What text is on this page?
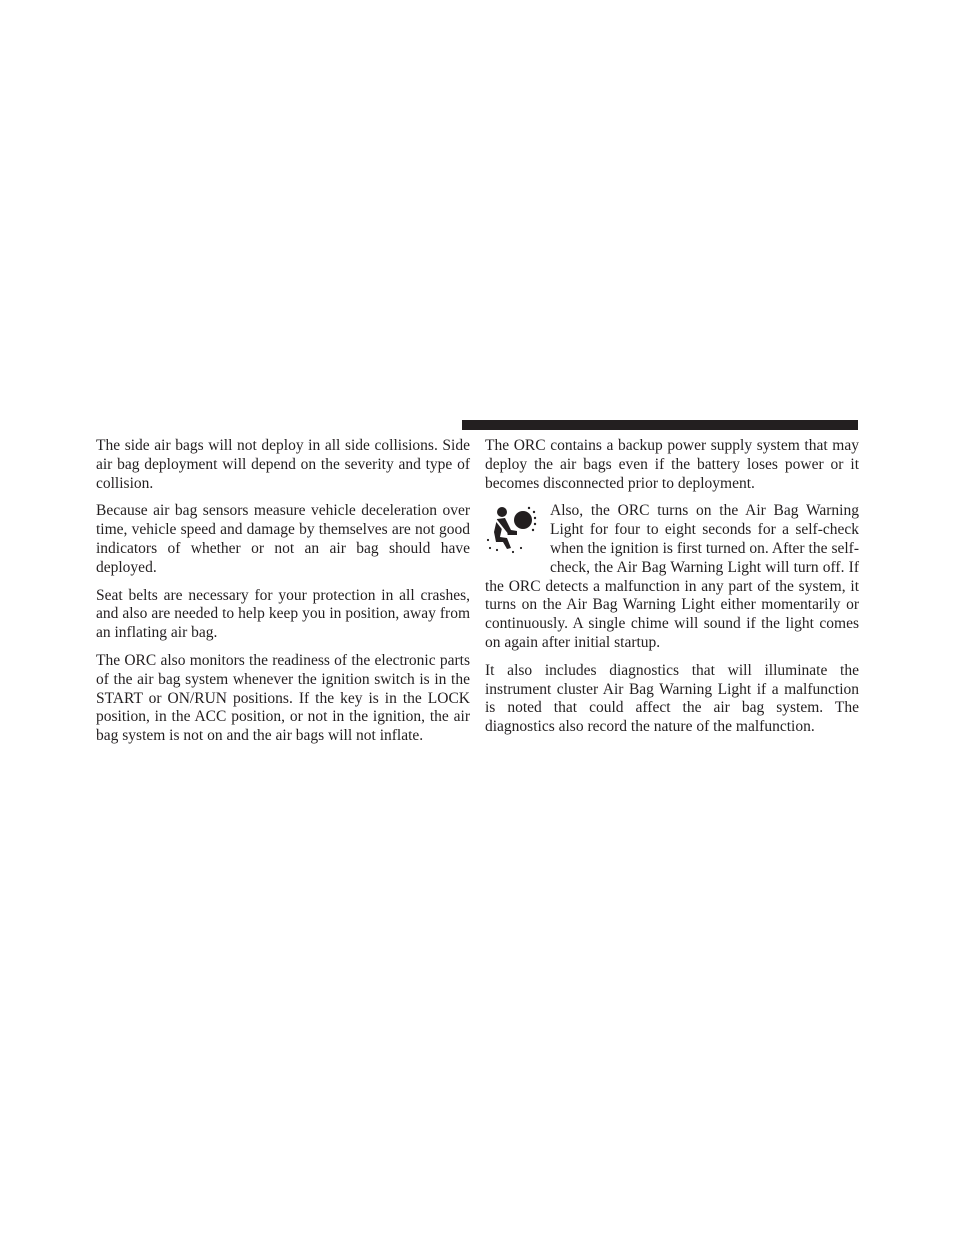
The side air bags will not deploy in all side collisions. Side air bag deployment will depend on the severity and type of collision.

Because air bag sensors measure vehicle deceleration over time, vehicle speed and damage by themselves are not good indicators of whether or not an air bag should have deployed.

Seat belts are necessary for your protection in all crashes, and also are needed to help keep you in position, away from an inflating air bag.

The ORC also monitors the readiness of the electronic parts of the air bag system whenever the ignition switch is in the START or ON/RUN positions. If the key is in the LOCK position, in the ACC position, or not in the ignition, the air bag system is not on and the air bags will not inflate.

The ORC contains a backup power supply system that may deploy the air bags even if the battery loses power or it becomes disconnected prior to deployment.

Also, the ORC turns on the Air Bag Warning Light for four to eight seconds for a self-check when the ignition is first turned on. After the self-check, the Air Bag Warning Light will turn off. If the ORC detects a malfunction in any part of the system, it turns on the Air Bag Warning Light either momentarily or continuously. A single chime will sound if the light comes on again after initial startup.

It also includes diagnostics that will illuminate the instrument cluster Air Bag Warning Light if a malfunction is noted that could affect the air bag system. The diagnostics also record the nature of the malfunction.
